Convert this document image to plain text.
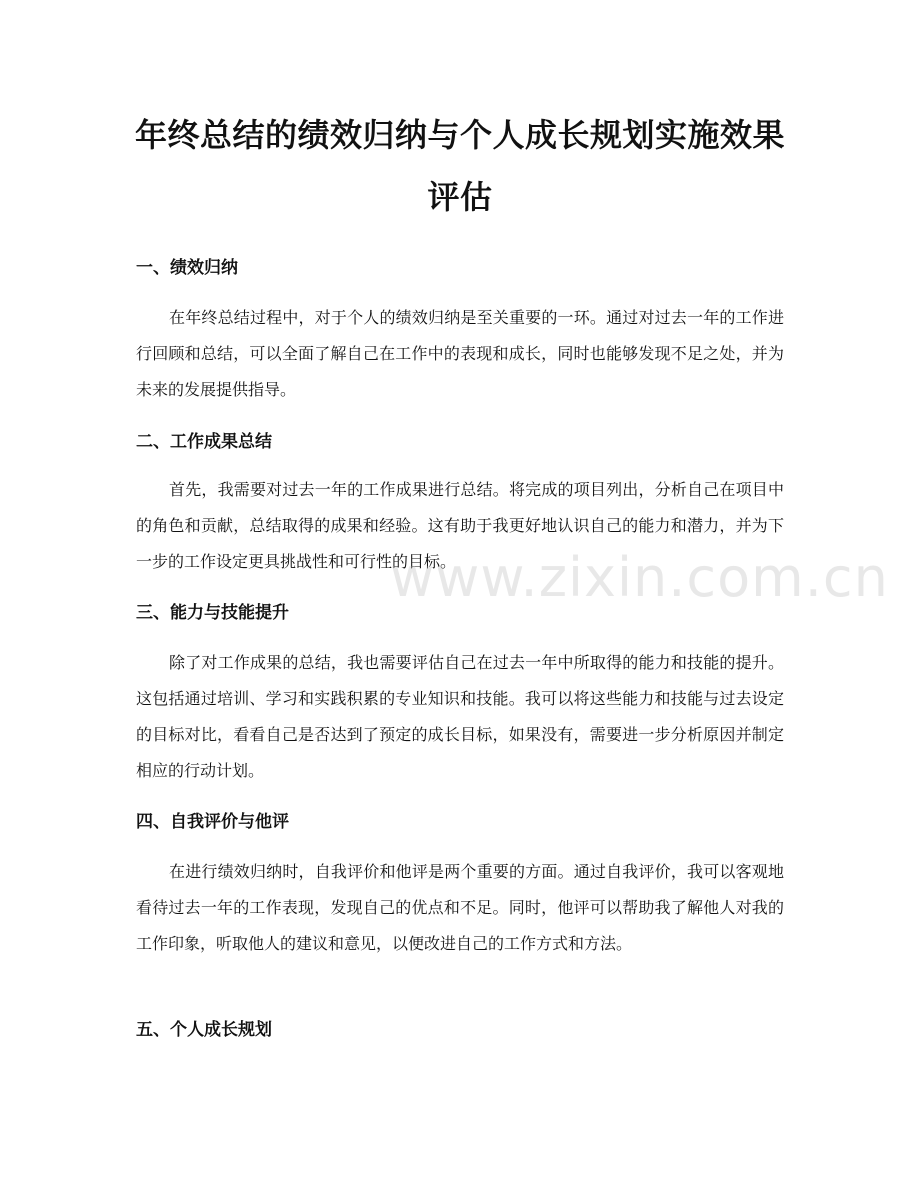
年终总结的绩效归纳与个人成长规划实施效果评估
一、绩效归纳

在年终总结过程中，对于个人的绩效归纳是至关重要的一环。通过对过去一年的工作进行回顾和总结，可以全面了解自己在工作中的表现和成长，同时也能够发现不足之处，并为未来的发展提供指导。

二、工作成果总结

首先，我需要对过去一年的工作成果进行总结。将完成的项目列出，分析自己在项目中的角色和贡献，总结取得的成果和经验。这有助于我更好地认识自己的能力和潜力，并为下一步的工作设定更具挑战性和可行性的目标。

三、能力与技能提升

除了对工作成果的总结，我也需要评估自己在过去一年中所取得的能力和技能的提升。这包括通过培训、学习和实践积累的专业知识和技能。我可以将这些能力和技能与过去设定的目标对比，看看自己是否达到了预定的成长目标，如果没有，需要进一步分析原因并制定相应的行动计划。

四、自我评价与他评

在进行绩效归纳时，自我评价和他评是两个重要的方面。通过自我评价，我可以客观地看待过去一年的工作表现，发现自己的优点和不足。同时，他评可以帮助我了解他人对我的工作印象，听取他人的建议和意见，以便改进自己的工作方式和方法。

五、个人成长规划
www.zixin.com.cn
